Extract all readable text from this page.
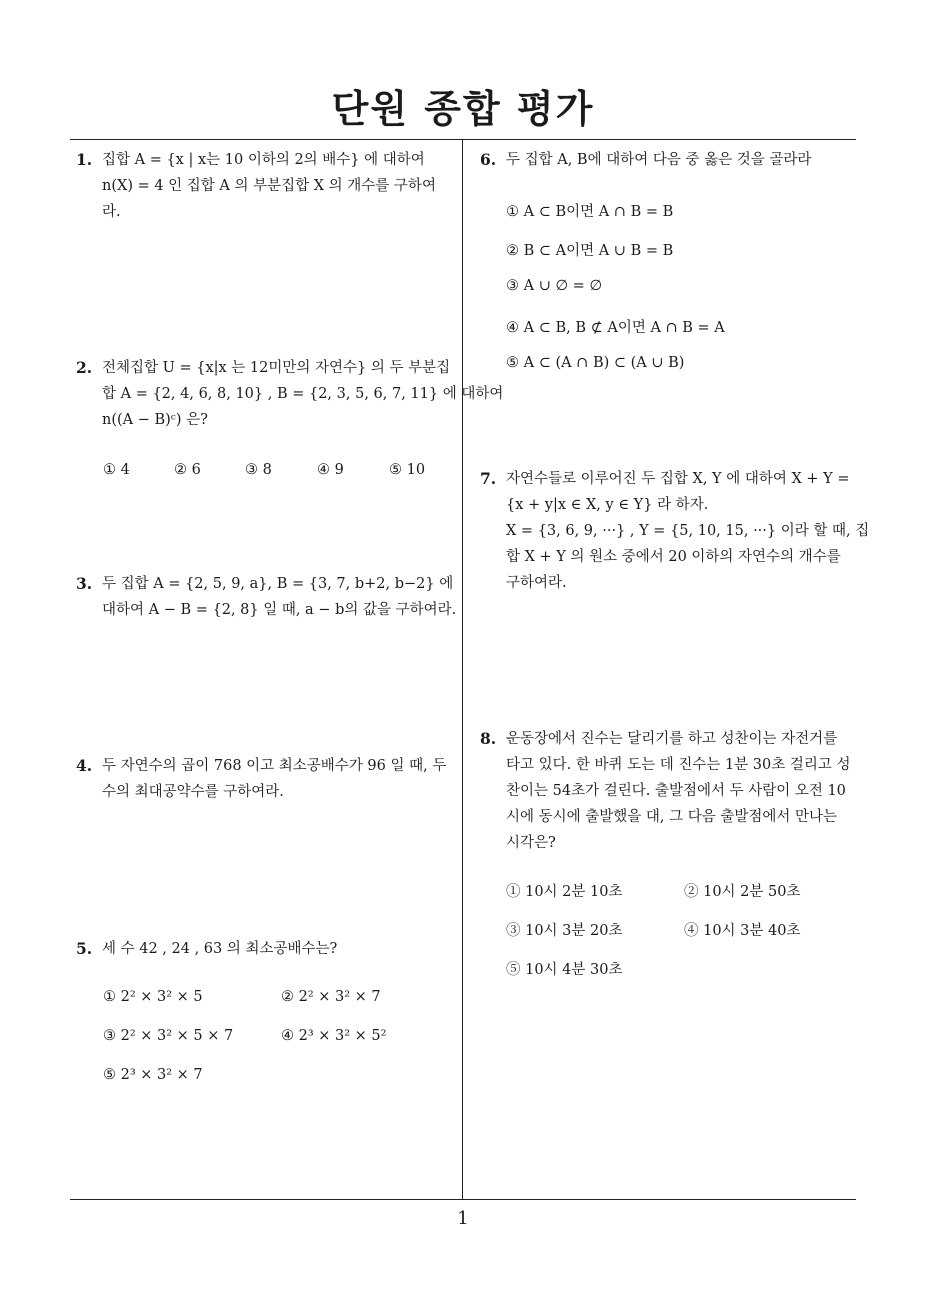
단원 종합 평가
1
1. 집합 A = {x | x는 10 이하의 2의 배수} 에 대하여
n(X) = 4 인 집합 A 의 부분집합 X 의 개수를 구하여
라.
2. 전체집합 U = {x|x 는 12미만의 자연수} 의 두 부분집
합 A = {2, 4, 6, 8, 10} , B = {2, 3, 5, 6, 7, 11} 에 대하여
n((A − B)ᶜ) 은?
① 4	② 6	③ 8	④ 9	⑤ 10
3. 두 집합 A = {2, 5, 9, a}, B = {3, 7, b+2, b−2} 에
대하여 A − B = {2, 8} 일 때, a − b의 값을 구하여라.
4. 두 자연수의 곱이 768 이고 최소공배수가 96 일 때, 두
수의 최대공약수를 구하여라.
5. 세 수 42 , 24 , 63 의 최소공배수는?
① 2² × 3² × 5	② 2² × 3² × 7
③ 2² × 3² × 5 × 7	④ 2³ × 3² × 5²
⑤ 2³ × 3² × 7
6. 두 집합 A, B에 대하여 다음 중 옳은 것을 골라라
① A ⊂ B이면 A ∩ B = B
② B ⊂ A이면 A ∪ B = B
③ A ∪ ∅ = ∅
④ A ⊂ B, B ⊄ A이면 A ∩ B = A
⑤ A ⊂ (A ∩ B) ⊂ (A ∪ B)
7. 자연수들로 이루어진 두 집합 X, Y 에 대하여 X + Y =
{x + y|x ∈ X, y ∈ Y} 라 하자.
X = {3, 6, 9, ···} , Y = {5, 10, 15, ···} 이라 할 때, 집
합 X + Y 의 원소 중에서 20 이하의 자연수의 개수를
구하여라.
8. 운동장에서 진수는 달리기를 하고 성찬이는 자전거를
타고 있다. 한 바퀴 도는 데 진수는 1분 30초 걸리고 성
찬이는 54초가 걸린다. 출발점에서 두 사람이 오전 10
시에 동시에 출발했을 대, 그 다음 출발점에서 만나는
시각은?
① 10시 2분 10초	② 10시 2분 50초
③ 10시 3분 20초	④ 10시 3분 40초
⑤ 10시 4분 30초
